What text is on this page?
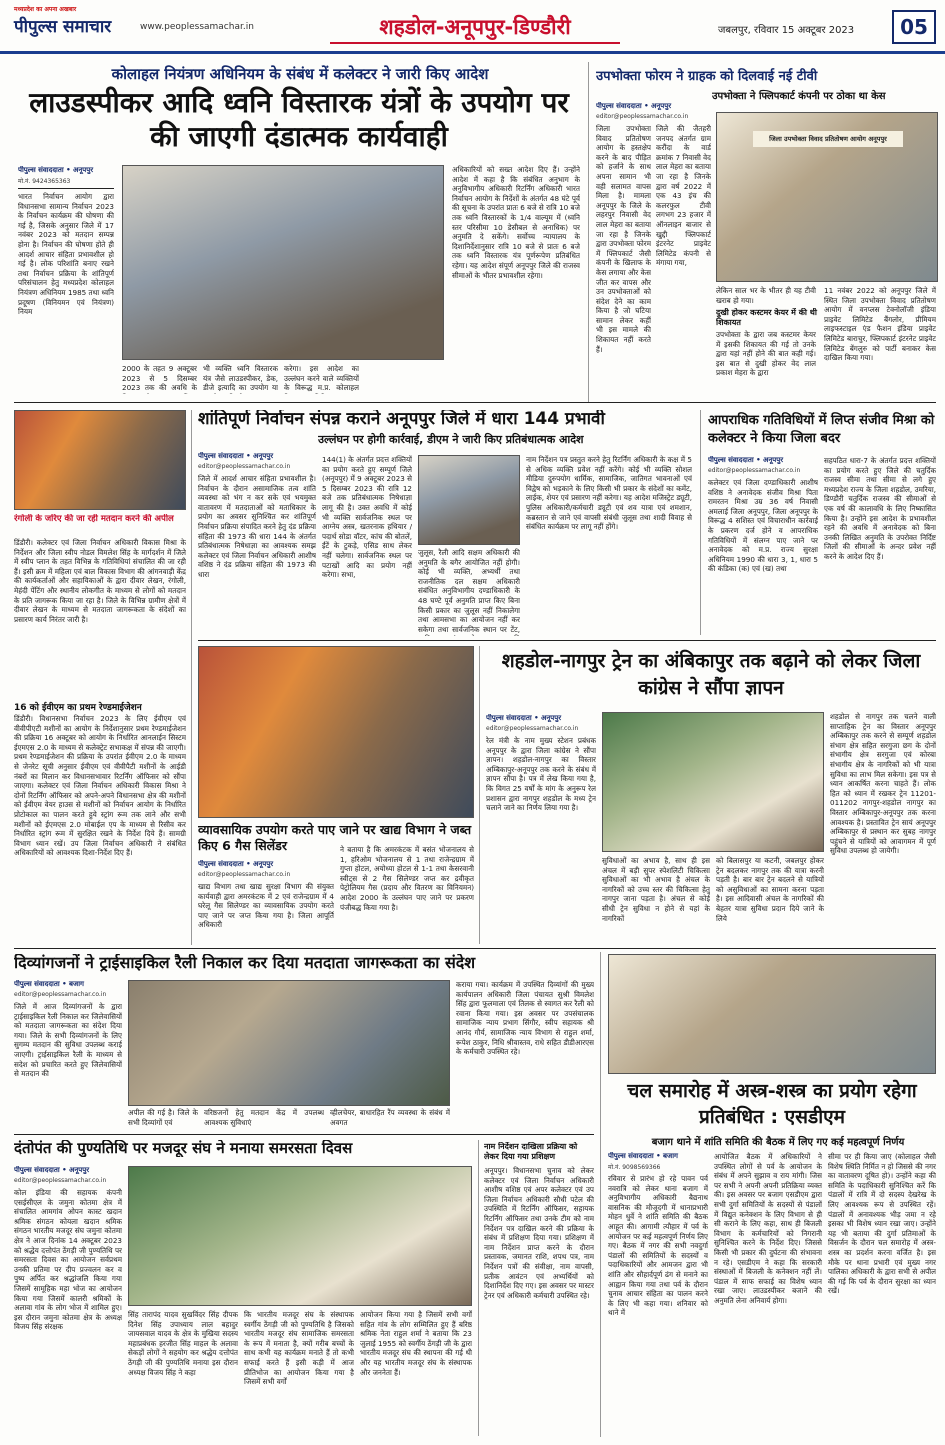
मध्यप्रदेश का अपना अखबार
पीपुल्स समाचार	www.peoplessamachar.in	शहडोल-अनूपपुर-डिण्डौरी	जबलपुर, रविवार 15 अक्टूबर 2023	05
कोलाहल नियंत्रण अधिनियम के संबंध में कलेक्टर ने जारी किए आदेश
लाउडस्पीकर आदि ध्वनि विस्तारक यंत्रों के उपयोग पर की जाएगी दंडात्मक कार्यवाही
पीपुल्स संवाददाता • अनूपपुर
मो.नं. 9424365363
भारत निर्वाचन आयोग द्वारा विधानसभा सामान्य निर्वाचन 2023 के निर्वाचन कार्यक्रम की घोषणा की गई है, जिसके अनुसार जिले में 17 नवंबर 2023 को मतदान सम्पन्न होना है। निर्वाचन की घोषणा होते ही आदर्श आचार संहिता प्रभावशील हो गई है। लोक परिशांति बनाए रखने तथा निर्वाचन प्रक्रिया के शांतिपूर्ण परिसंचालन हेतु मध्यप्रदेश कोलाहल नियंत्रण अधिनियम 1985 तथा ध्वनि प्रदूषण (विनियमन एवं नियंत्रण) नियम
2000 के तहत 9 अक्टूबर 2023 से 5 दिसम्बर 2023 तक की अवधि के
भी व्यक्ति ध्वनि विस्तारक यंत्र जैसे लाउडस्पीकर, डेक, डीजे इत्यादि का उपयोग या
करेगा। इस आदेश का उल्लंघन करने वाले व्यक्तियों के विरूद्ध म.प्र. कोलाहल
अधिकारियों को सख्त आदेश दिए हैं। उन्होंने आदेश में कहा है कि संबंधित अनुभाग के अनुविभागीय अधिकारी रिटर्निंग अधिकारी भारत निर्वाचन आयोग के निर्देशों के अंतर्गत 48 घंटे पूर्व की सूचना के उपरांत प्रातः 6 बजे से रात्रि 10 बजे तक ध्वनि विस्तारकों के 1/4 वाल्यूम में (ध्वनि स्तर परिसीमा 10 डेसीबल से अनाधिक) पर अनुमति दे सकेंगे। सर्वोच्च न्यायालय के दिशानिर्देशानुसार रात्रि 10 बजे से प्रातः 6 बजे तक ध्वनि विस्तारक यंत्र पूर्णरूपेण प्रतिबंधित रहेगा। यह आदेश संपूर्ण अनूपपुर जिले की राजस्व सीमाओं के भीतर प्रभावशील रहेगा।
उपभोक्ता फोरम ने ग्राहक को दिलवाई नई टीवी
उपभोक्ता ने फ्लिपकार्ट कंपनी पर ठोका था केस
पीपुल्स संवाददाता • अनूपपुर
editor@peoplessamachar.co.in
जिला उपभोक्ता विवाद प्रतितोषण आयोग के हस्तक्षेप करने के बाद पीड़ित को हर्जाने के साथ अपना सामान भी वही सलामत वापस मिला है। मामला अनूपपुर के जिले के लहरपुर निवासी वेद लाल मेहरा का बताया जा रहा है जिनके द्वारा उपभोक्ता फोरम में फ्लिपकार्ट जैसी कंपनी के खिलाफ के केस लगाया और केस जीत कर वापस और उन उपभोक्ताओं को संदेश देने का काम किया है जो घटिया सामान लेकर कहीं भी इस मामले की शिकायत नहीं करते हैं।
जिले की जैतहरी जनपद अंतर्गत ग्राम करौंदा के वार्ड क्रमांक 7 निवासी वेद लाल मेहरा का बताया जा रहा है जिनके द्वारा वर्ष 2022 में एक 43 इंच की कलरफुल टीवी लगभग 23 हजार में ऑनलाइन बाजार से खुद्दी फ्लिपकार्ट इंटरनेट प्राइवेट लिमिटेड कंपनी से मंगाया गया,
जिला उपभोक्ता विवाद प्रतितोषण आयोग अनूपपुर
लेकिन साल भर के भीतर ही यह टीवी खराब हो गया।
दुखी होकर कस्टमर केयर में की थी शिकायत
उपभोक्ता के द्वारा जब कस्टमर केयर में इसकी शिकायत की गई तो उनके द्वारा यहां नहीं होने की बात कही गई। इस बात से दुखी होकर वेद लाल प्रकाश मेहरा के द्वारा
11 नवंबर 2022 को अनूपपुर जिले में स्थित जिला उपभोक्ता विवाद प्रतितोषण आयोग में वनप्लस टेक्नोलॉजी इंडिया प्राइवेट लिमिटेड बैंगलोर, प्रीमियम लाइफस्टाइल एंड फैशन इंडिया प्राइवेट लिमिटेड बाराचुर, फ्लिपकार्ट इंटरनेट प्राइवेट लिमिटेड बेंगलुरु को पार्टी बनाकर केस दाखिल किया गया।
रंगोली के जरिए की जा रही मतदान करने की अपील
डिंडौरी। कलेक्टर एवं जिला निर्वाचन अधिकारी विकास मिश्रा के निर्देशन और जिला स्वीप नोडल विमलेश सिंह के मार्गदर्शन में जिले में स्वीप प्लान के तहत विभिन्न के गतिविधियां संचालित की जा रही हैं। इसी क्रम में महिला एवं बाल विकास विभाग की आंगनवाड़ी केंद्र की कार्यकर्ताओं और सहायिकाओं के द्वारा दीवार लेखन, रंगोली, मेहंदी पेंटिंग और स्थानीय लोकगीत के माध्यम से लोगों को मतदान के प्रति जागरूक किया जा रहा है। जिले के विभिन्न ग्रामीण क्षेत्रों में दीवार लेखन के माध्यम से मतदाता जागरूकता के संदेशों का प्रसारण कार्य निरंतर जारी है।
16 को ईवीएम का प्रथम रेण्डमाईजेशन
डिंडौरी। विधानसभा निर्वाचन 2023 के लिए ईवीएम एवं वीवीपीएटी मशीनों का आयोग के निर्देशानुसार प्रथम रेण्डमाईजेशन की प्रक्रिया 16 अक्टूबर को आयोग के निर्धारित आनलाईन सिस्टम ईएमएस 2.0 के माध्यम से कलेक्ट्रेट सभाकक्ष में संपन्न की जाएगी। प्रथम रेण्डमाईजेशन की प्रक्रिया के उपरांत ईवीएम 2.0 के माध्यम से जेनरेट सूची अनुसार ईवीएम एवं वीवीपैटी मशीनों के आईडी नंबरों का मिलान कर विधानसभावार रिटर्निंग ऑफिसर को सौंपा जाएगा। कलेक्टर एवं जिला निर्वाचन अधिकारी विकास मिश्रा ने दोनों रिटर्निंग ऑफिसर को अपने-अपने विधानसभा क्षेत्र की मशीनों को ईवीएम वेयर हाउस से मशीनों को निर्वाचन आयोग के निर्धारित प्रोटोकाल का पालन करते हुये स्ट्रांग रूम तक लाने और सभी मशीनों को ईएमएस 2.0 मोबाईल एप के माध्यम से रिसीव कर निर्धारित स्ट्रांग रूम में सुरक्षित रखने के निर्देश दिये हैं। सामग्री विभाग ध्यान रखें। उप जिला निर्वाचन अधिकारी ने संबंधित अधिकारियों को आवश्यक दिशा-निर्देश दिए हैं।
शांतिपूर्ण निर्वाचन संपन्न कराने अनूपपुर जिले में धारा 144 प्रभावी
उल्लंघन पर होगी कार्रवाई, डीएम ने जारी किए प्रतिबंधात्मक आदेश
पीपुल्स संवाददाता • अनूपपुर
editor@peoplessamachar.co.in
जिले में आदर्श आचार संहिता प्रभावशील है। निर्वाचन के दौरान असामाजिक तत्व शांति व्यवस्था को भंग न कर सके एवं भयमुक्त वातावरण में मतदाताओं को मताधिकार के प्रयोग का अवसर सुनिश्चित कर शांतिपूर्ण निर्वाचन प्रक्रिया संपादित करने हेतु दंड प्रक्रिया संहिता की 1973 की धारा 144 के अंतर्गत प्रतिबंधात्मक निषेधाज्ञा का आवश्यक समझ कलेक्टर एवं जिला निर्वाचन अधिकारी आशीष वशिष्ठ ने दंड प्रक्रिया संहिता की 1973 की धारा
144(1) के अंतर्गत प्रदत्त शक्तियों का प्रयोग करते हुए सम्पूर्ण जिले (अनूपपुर) में 9 अक्टूबर 2023 से 5 दिसम्बर 2023 की रात्रि 12 बजे तक प्रतिबंधात्मक निषेधाज्ञा लागू की है। उक्त अवधि में कोई भी व्यक्ति सार्वजनिक स्थल पर आग्नेय अस्त्र, खतरनाक हथियार /पदार्थ सोडा वॉटर, कांच की बोतलें, ईंटें के टुकड़े, एसिड साथ लेकर नहीं चलेगा। सार्वजनिक स्थल पर पटाखों आदि का प्रयोग नहीं करेगा। सभा,
जुलूस, रैली आदि सक्षम अधिकारी की अनुमति के बगैर आयोजित नहीं होगी। कोई भी व्यक्ति, अभ्यर्थी तथा राजनीतिक दल सक्षम अधिकारी संबंधित अनुविभागीय दण्डाधिकारी के 48 घण्टे पूर्व अनुमति प्राप्त किए बिना किसी प्रकार का जुलूस नहीं निकालेगा तथा आमसभा का आयोजन नहीं कर सकेगा तथा सार्वजनिक स्थान पर टेंट,
नाम निर्देशन पत्र प्रस्तुत करने हेतु रिटर्निंग अधिकारी के कक्ष में 5 से अधिक व्यक्ति प्रवेश नहीं करेंगे। कोई भी व्यक्ति सोशल मीडिया दुरुपयोग धार्मिक, सामाजिक, जातिगत भावनाओं एवं विद्वेष को भड़काने के लिए किसी भी प्रकार के संदेशों का कमेंट, लाईक, शेयर एवं प्रसारण नहीं करेगा। यह आदेश मजिस्ट्रेट ड्यूटी, पुलिस अधिकारी/कर्मचारी ड्यूटी एवं शव यात्रा एवं शमशान, कब्रस्तान से जाने एवं वापसी संबंधी जुलूस तथा शादी विवाह से संबंधित कार्यक्रम पर लागू नहीं होंगे।
आपराधिक गतिविधियों में लिप्त संजीव मिश्रा को कलेक्टर ने किया जिला बदर
पीपुल्स संवाददाता • अनूपपुर
editor@peoplessamachar.co.in
कलेक्टर एवं जिला दण्डाधिकारी आशीष वशिष्ठ ने अनावेदक संजीव मिश्रा पिता रामरतन मिश्रा उम्र 36 वर्ष निवासी अमलाई जिला अनूपपुर, जिला अनूपपुर के विरूद्ध 4 सशिस्त एवं विचाराधीन कार्रवाई के प्रकरण दर्ज होने व आपराधिक गतिविधियों में संलग्न पाए जाने पर अनावेदक को म.प्र. राज्य सुरक्षा अधिनियम 1990 की धारा 3, 1, धारा 5 की कंडिका (क) एवं (ख) तथा
सहपठित धारा-7 के अंतर्गत प्रदत्त शक्तियों का प्रयोग करते हुए जिले की चतुर्दिक राजस्व सीमा तथा सीमा से लगे हुए मध्यप्रदेश राज्य के जिला शहडोल, उमरिया, डिण्डौरी चतुर्दिक राजस्व की सीमाओं से एक वर्ष की कालावधि के लिए निष्कासित किया है। उन्होंने इस आदेश के प्रभावशील रहने की अवधि में अनावेदक को बिना उनकी लिखित अनुमति के उपरोक्त निर्दिष्ट जिलों की सीमाओं के अन्दर प्रवेश नहीं करने के आदेश दिए हैं।
व्यावसायिक उपयोग करते पाए जाने पर खाद्य विभाग ने जब्त किए 6 गैस सिलेंडर
पीपुल्स संवाददाता • अनूपपुर
editor@peoplessamachar.co.in
खाद्य विभाग तथा खाद्य सुरक्षा विभाग की संयुक्त कार्यवाही द्वारा अमरकंटक में 2 एवं राजेन्द्रग्राम में 4 घरेलू गैस सिलेण्डर का व्यावसायिक उपयोग करते पाए जाने पर जप्त किया गया है। जिला आपूर्ति अधिकारी
ने बताया है कि अमरकंटक में बसंत भोजनालय से 1, हरिओम भोजनालय से 1 तथा राजेन्द्रग्राम में गुप्ता होटल, अयोध्या होटल से 1-1 तथा केसरवानी स्वीट्स से 2 गैस सिलेण्डर जप्त कर द्रवीकृत पेट्रोलियम गैस (प्रदाय और वितरण का विनियमन) आदेश 2000 के उल्लंघन पाए जाने पर प्रकरण पंजीबद्ध किया गया है।
शहडोल-नागपुर ट्रेन का अंबिकापुर तक बढ़ाने को लेकर जिला कांग्रेस ने सौंपा ज्ञापन
पीपुल्स संवाददाता • अनूपपुर
editor@peoplessamachar.co.in
रेल मंत्री के नाम मुख्य स्टेशन प्रबंधक अनूपपुर के द्वारा जिला कांग्रेस ने सौंपा ज्ञापन। शहडोल-नागपुर का विस्तार अम्बिकापुर-अनूपपुर तक करने के संबंध में ज्ञापन सौंपा है। पत्र में लेख किया गया है, कि विगत 25 वर्षों के मांग के अनुरूप रेल प्रशासन द्वारा नागपुर शहडोल के मध्य ट्रेन चलाने जाने का निर्णय लिया गया है।
सुविधाओं का अभाव है, साथ ही इस अंचल में बड़ी सुपर स्पेशलिटी चिकित्सा सुविधाओं का भी अभाव है अंचल के नागरिकों को उच्च स्तर की चिकित्सा हेतु नागपुर जाना पड़ता है। अंचल से कोई सीधी ट्रेन सुविधा न होने से यहां के नागरिकों
को बिलासपुर या कटनी, जबलपुर होकर ट्रेन बदलकर नागपुर तक की यात्रा करनी पड़ती है। बार बार ट्रेन बदलने से यात्रियों को असुविधाओं का सामना करना पड़ता है। इस आदिवासी अंचल के नागरिकों की बेहतर यात्रा सुविधा प्रदान दिये जाने के लिये
शहडोल से नागपुर तक चलने वाली साप्ताहिक ट्रेन का विस्तार अनूपपुर अम्बिकापुर तक करने से सम्पूर्ण शहडोल संभाग क्षेत्र सहित सरगुजा छग के दोनों संभागीय क्षेत्र सरगुजा एवं कोरबा संभागीय क्षेत्र के नागरिकों को भी यात्रा सुविधा का लाभ मिल सकेगा। इस पत्र से ध्यान आकर्षित करना चाहते हैं। लोक हित को ध्यान में रखकर ट्रेन 11201-011202 नागपुर-शहडोल नागपुर का विस्तार अम्बिकापुर-अनूपपुर तक करना आवश्यक है। प्रस्तावित ट्रेन सायं अनूपपुर अम्बिकापुर से प्रस्थान कर सुबह नागपुर पहुंचने से यात्रियों को आवागमन में पूर्ण सुविधा उपलब्ध हो जायेगी।
दिव्यांगजनों ने ट्राईसाइकिल रैली निकाल कर दिया मतदाता जागरूकता का संदेश
पीपुल्स संवाददाता • बजाग
editor@peoplessamachar.co.in
जिले में आज दिव्यांगजनों के द्वारा ट्राईसाइकिल रैली निकाल कर जिलेवासियों को मतदाता जागरूकता का संदेश दिया गया। जिले के सभी दिव्यांगजनों के लिए सुगम्य मतदान की सुविधा उपलब्ध कराई जाएगी। ट्राईसाइकिल रैली के माध्यम से सदेश को प्रचारित करते हुए जिलेवासियों से मतदान की
अपील की गई है। जिले के सभी दिव्यांगों एवं
वरिष्ठजनों हेतु मतदान केंद्र में उपलब्ध आवश्यक सुविधाएं
व्हीलचेयर, बाधारहित रैंप व्यवस्था के संबंध में अवगत
कराया गया। कार्यक्रम में उपस्थित दिव्यांगों की मुख्य कार्यपालन अधिकारी जिला पंचायत सुश्री विमलेश सिंह द्वारा फूलमाला एवं तिलक से स्वागत कर रैली को रवाना किया गया। इस अवसर पर उपसंचालक सामाजिक न्याय प्रभाग सिंगौर, स्वीप सहायक श्री आनंद गौर्य, सामाजिक न्याय विभाग से राहुल शर्मा, रूपेश ठाकुर, निधि श्रीवास्तव, राधे सहित डीडीआरएस के कर्मचारी उपस्थित रहे।
चल समारोह में अस्त्र-शस्त्र का प्रयोग रहेगा प्रतिबंधित : एसडीएम
बजाग थाने में शांति समिति की बैठक में लिए गए कई महत्वपूर्ण निर्णय
पीपुल्स संवाददाता • बजाग
मो.नं. 9098569366
रविवार से प्रारंभ हो रहे पावन पर्व नवरात्रि को लेकर थाना बजाग में अनुविभागीय अधिकारी बैद्यनाथ वासनिक की मौजूदगी में थानाप्रभारी मोहन धुर्वे ने शांति समिति की बैठक आहूत की। आगामी त्यौहार में पर्व के आयोजन पर कई महत्वपूर्ण निर्णय लिए गए। बैठक में नगर की सभी नवदुर्गा पंडालों की समितियों के सदस्यों व पदाधिकारियों और आमजन द्वारा भी शांति और सौहार्दपूर्ण ढंग से मनाने का आह्वान किया गया तथा पर्व के दौरान चुनाव आचार संहिता का पालन करने के लिए भी कहा गया। शनिवार को थाने में
आयोजित बैठक में अधिकारियों ने उपस्थित लोगों से पर्व के आयोजन के संबंध में अपने सुझाव व राय मांगी। जिस पर सभी ने अपनी अपनी प्रतिक्रिया व्यक्त की। इस अवसर पर बजाग एसडीएम द्वारा सभी दुर्गा समितियों के सदस्यों से पंडालों में विद्युत कनेक्शन के लिए विभाग से ही सी कराने के लिए कहा, साथ ही बिजली विभाग के कर्मचारियों को निगरानी सुनिश्चित करने के निर्देश दिए। जिससे किसी भी प्रकार की दुर्घटना की संभावना न रहे। एसडीएम ने कहा कि सरकारी संस्थाओं में बिजली के कनेक्शन नहीं लें। पंडाल में साफ सफाई का विशेष ध्यान रखा जाए। लाउडस्पीकर बजाने की अनुमति लेना अनिवार्य होगा।
सीमा पर ही किया जाए (कोलाहल जैसी विशेष स्थिति निर्मित न हो जिससे की नगर का वातावरण दूषित हो)। उन्होंने कहा की समिति के पदाधिकारी सुनिश्चित करें कि पंडालों में रात्रि में दो सदस्य देखरेख के लिए आवश्यक रूप से उपस्थित रहें। पंडालों में अनावश्यक भीड़ जमा न रहे इसका भी विशेष ध्यान रखा जाए। उन्होंने यह भी बताया की दुर्गा प्रतिमाओं के विसर्जन के दौरान चल समारोह में अस्त्र-शस्त्र का प्रदर्शन करना वर्जित है। इस मौके पर थाना प्रभारी एवं मुख्य नगर पालिका अधिकारी के द्वारा सभी से अपील की गई कि पर्व के दौरान सुरक्षा का ध्यान रखें।
दंतोपंत की पुण्यतिथि पर मजदूर संघ ने मनाया समरसता दिवस
पीपुल्स संवाददाता • अनूपपुर
editor@peoplessamachar.co.in
कोल इंडिया की सहायक कंपनी एसईसीएल के जमुना कोतमा क्षेत्र में संचालित आमगांव ओपन कास्ट खदान श्रमिक संगठन कोयला खदान श्रमिक संगठन भारतीय मजदूर संघ जमुना कोतमा क्षेत्र ने आज दिनांक 14 अक्टूबर 2023 को श्रद्धेय दत्तोपंत ठेंगड़ी जी पुण्यतिथि पर समरसता दिवस का आयोजन सर्वप्रथम उनकी प्रतिमा पर दीप प्रज्वलन कर व पुष्प अर्पित कर श्रद्धांजलि किया गया जिसमें सामूहिक महा भोज का आयोजन किया गया जिसमें कालरी श्रमिकों के अलावा गांव के लोग भोज में शामिल हुए। इस दौरान जमुना कोतमा क्षेत्र के अध्यक्ष विजय सिंह संरक्षक
सिंह तारापंद यादव सुखविंदर सिंह दीपक दिनेश सिंह उपाध्याय लाल बहादुर जायसवाल यादव के क्षेत्र के मुखिया सदस्य महाप्रबंधक हरजीत सिंह माहल के अलावा सेकड़ों लोगों ने सहयोग कर श्रद्धेय दत्तोपंत ठेंगड़ी जी की पुण्यतिथि मनाया इस दौरान अध्यक्ष विजय सिंह ने कहा
कि भारतीय मजदूर संघ के संस्थापक स्वर्गीय ठेंगड़ी जी को पुण्यतिथि है जिसको भारतीय मजदूर संघ सामाजिक समरसता के रूप में मनाता है, क्यों गरीब बच्चों के साथ कभी यह कार्यक्रम मनाते हैं तो कभी सफाई करते हैं इसी कड़ी में आज प्रीतिभोज का आयोजन किया गया है जिसमें सभी वर्गों
आयोजन किया गया है जिसमें सभी वर्गों सहित गांव के लोग सम्मिलित हुए हैं बरिष्ठ श्रमिक नेता राहुल शर्मा ने बताया कि 23 जुलाई 1955 को स्वर्गीय ठेंगड़ी जी के द्वारा भारतीय मजदूर संघ की स्थापना की गई थी और यह भारतीय मजदूर संघ के संस्थापक और जननेता हैं।
नाम निर्देशन दाखिला प्रक्रिया को लेकर दिया गया प्रशिक्षण
अनूपपुर। विधानसभा चुनाव को लेकर कलेक्टर एवं जिला निर्वाचन अधिकारी आशीष वशिष्ठ एवं अपर कलेक्टर एवं उप जिला निर्वाचन अधिकारी सौधी पटेल की उपस्थिति में रिटर्निंग ऑफिसर, सहायक रिटर्निंग ऑफिसर तथा उनके टीम को नाम निर्देशन पत्र दाखिल करने की प्रक्रिया के संबंध में प्रशिक्षण दिया गया। प्रशिक्षण में नाम निर्देशन प्राप्त करने के दौरान प्रस्तावक, जमानत राशि, शपथ पत्र, नाम निर्देशन पत्रों की संवीक्षा, नाम वापसी, प्रतीक आवंटन एवं अभ्यर्थियों को दिशानिर्देश दिए गए। इस अवसर पर मास्टर ट्रेनर एवं अधिकारी कर्मचारी उपस्थित रहे।
